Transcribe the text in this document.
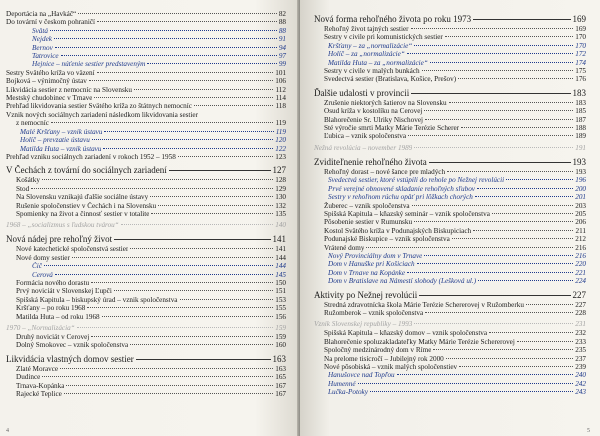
Deportácia na „Havkáč“	82
Do tovární v českom pohraničí	88
Svätá	88
Nejdek	91
Bernov	94
Tatrovice	97
Hejnice – núťenie sestier predstaveným	99
Sestry Svätého kríža vo väzení	101
Bojková – výnimočný ústav	106
Likvidácia sestier z nemocníc na Slovensku	112
Mestský chudobinec v Trnave	114
Prehľad likvidovania sestier Svätého kríža zo štátnych nemocníc	118
Vznik nových sociálnych zariadení následkom likvidovania sestier
z nemocníc	119
Malé Kršťany – vznik ústavu	119
Holíč – prevzatie ústavu	120
Matilda Huta – vznik ústavu	122
Prehľad vzniku sociálnych zariadení v rokoch 1952 – 1958	123
V Čechách z tovární do sociálnych zariadení	127
Košátky	128
Stod	129
Na Slovensku vznikajú ďalšie sociálne ústavy	130
Rušenie spoločenstiev v Čechách i na Slovensku	132
Spomienky na život a činnosť sestier v totalite	135
1968 – „socializmus s ľudskou tvárou“	140
Nová nádej pre rehoľný život	141
Nové katechetické spoločenstvá sestier	141
Nové domy sestier	144
Čič	144
Cerová	145
Formácia nového dorastu	150
Prvý noviciát v Slovenskej Ľupči	151
Spišská Kapitula – biskupský úrad – vznik spoločenstva	153
Kršťany – po roku 1968	155
Matilda Huta – od roku 1968	156
1970 – „Normalizácia“	159
Druhý noviciát v Cerovej	159
Dolný Smokovec – vznik spoločenstva	160
Likvidácia vlastných domov sestier	163
Zlaté Moravce	163
Dudince	165
Trnava-Kopánka	167
Rajecké Teplice	167
Nová forma rehoľného života po roku 1973	169
Rehoľný život tajných sestier	169
Sestry v civile pri komunistických sestier	170
Kršťany – za „normalizácie“	170
Holíč – za „normalizácie“	172
Matilda Huta – za „normalizácie“	174
Sestry v civile v malých bunkách	175
Svedectvá sestier (Bratislava, Košice, Prešov)	176
Ďalšie udalosti v provincii	183
Zrušenie niektorých šatierov na Slovensku	183
Osud kríža v kostolíku na Cerovej	185
Blahorečenie Sr. Ulriky Nischovej	187
Sté výročie smrti Matky Márie Terézie Scherer	188
Ľubica – vznik spoločenstva	189
Nežná revolúcia – november 1989	191
Zviditeľnenie rehoľného života	193
Rehoľný dorast – nové šance pre mladých	193
Svedectvá sestier, ktoré vstúpili do rehole po Nežnej revolúcii	196
Prvé verejné obnovené skladanie rehoľných sľubov	200
Sestry v rehoľnom rúchu opäť pri lôžkach chorých	201
Žuberec – vznik spoločenstva	203
Spišská Kapitula – kňazský seminár – vznik spoločenstva	205
Pôsobenie sestier v Rumunsku	206
Kostol Svätého kríža v Podunajských Biskupiciach	211
Podunajské Biskupice – vznik spoločenstva	212
Vrátené domy	216
Nový Provinciálny dom v Trnave	216
Dom v Hanuške pri Košiciach	220
Dom v Trnave na Kopánke	221
Dom v Bratislave na Námestí slobody (Lešková ul.)	224
Aktivity po Nežnej revolúcii	227
Stredná zdravotnícka škola Márie Terézie Schererovej v Ružomberku	227
Ružomberok – vznik spoločenstva	228
Vznik Slovenskej republiky – 1993	231
Spišská Kapitula – kňazský domov – vznik spoločenstva	232
Blahorečenie spoluzakladateľky Matky Márie Terézie Schererovej	233
Spoločný medzinárodný dom v Ríme	235
Na prelome tisícročí – Jubilejný rok 2000	237
Nové pôsobiská – vznik malých spoločenstiev	239
Hanušovce nad Topľou	240
Humenné	242
Lučka-Potoky	243
4	5
